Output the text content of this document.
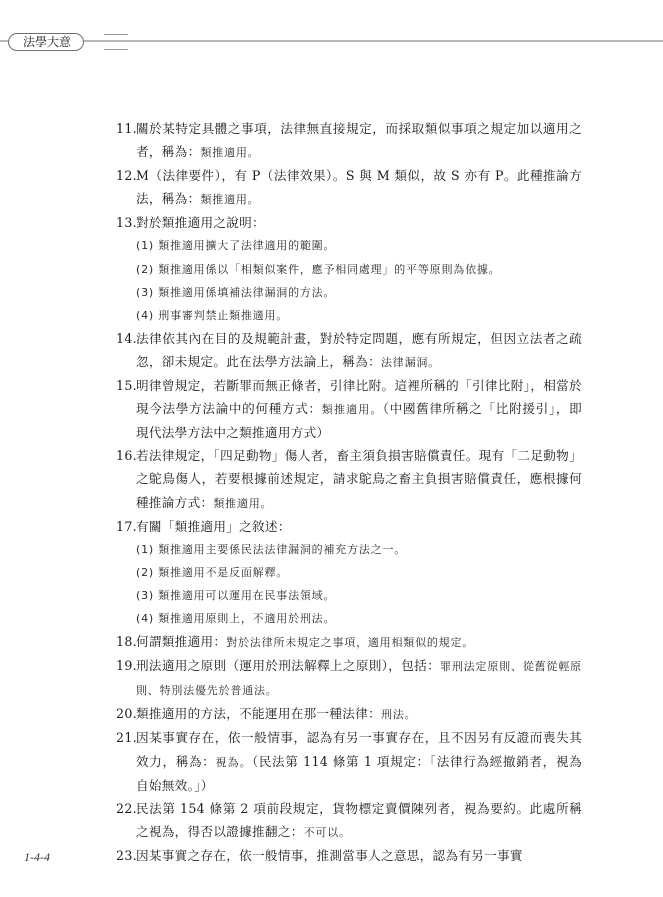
法學大意
11. 關於某特定具體之事項，法律無直接規定，而採取類似事項之規定加以適用之者，稱為：類推適用。
12. M（法律要件），有 P（法律效果）。S 與 M 類似，故 S 亦有 P。此種推論方法，稱為：類推適用。
13. 對於類推適用之說明：
(1) 類推適用擴大了法律適用的範圍。
(2) 類推適用係以「相類似案件，應予相同處理」的平等原則為依據。
(3) 類推適用係填補法律漏洞的方法。
(4) 刑事審判禁止類推適用。
14. 法律依其內在目的及規範計畫，對於特定問題，應有所規定，但因立法者之疏忽，卻未規定。此在法學方法論上，稱為：法律漏洞。
15. 明律曾規定，若斷罪而無正條者，引律比附。這裡所稱的「引律比附」，相當於現今法學方法論中的何種方式：類推適用。（中國舊律所稱之「比附援引」，即現代法學方法中之類推適用方式）
16. 若法律規定，「四足動物」傷人者，畜主須負損害賠償責任。現有「二足動物」之鴕鳥傷人，若要根據前述規定，請求鴕鳥之畜主負損害賠償責任，應根據何種推論方式：類推適用。
17. 有關「類推適用」之敘述：
(1) 類推適用主要係民法法律漏洞的補充方法之一。
(2) 類推適用不是反面解釋。
(3) 類推適用可以運用在民事法領域。
(4) 類推適用原則上，不適用於刑法。
18. 何謂類推適用：對於法律所未規定之事項，適用相類似的規定。
19. 刑法適用之原則（運用於刑法解釋上之原則），包括：罪刑法定原則、從舊從輕原則、特別法優先於普通法。
20. 類推適用的方法，不能運用在那一種法律：刑法。
21. 因某事實存在，依一般情事，認為有另一事實存在，且不因另有反證而喪失其效力，稱為：視為。（民法第 114 條第 1 項規定：「法律行為經撤銷者，視為自始無效。」）
22. 民法第 154 條第 2 項前段規定，貨物標定賣價陳列者，視為要約。此處所稱之視為，得否以證據推翻之：不可以。
23. 因某事實之存在，依一般情事，推測當事人之意思，認為有另一事實
1-4-4
